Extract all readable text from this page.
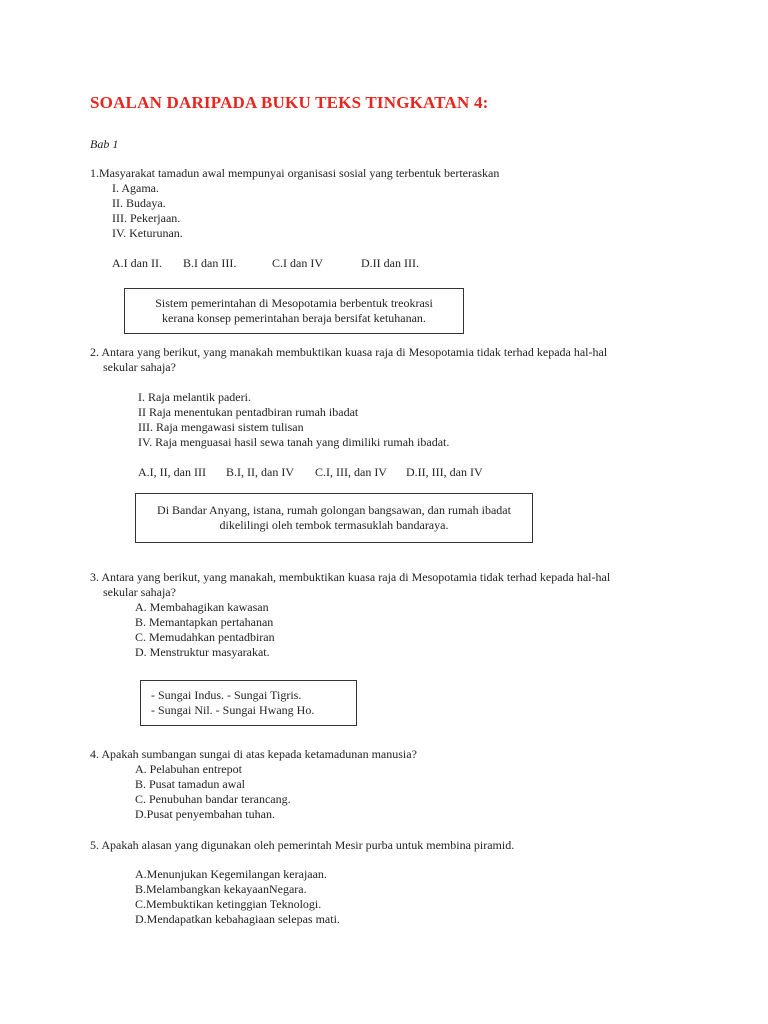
SOALAN DARIPADA BUKU TEKS TINGKATAN 4:
Bab 1
1.Masyarakat tamadun awal mempunyai organisasi sosial yang terbentuk berteraskan
I. Agama.
II. Budaya.
III. Pekerjaan.
IV. Keturunan.
A.I dan II. B.I dan III.	C.I dan IV	D.II dan III.
Sistem pemerintahan di Mesopotamia berbentuk treokrasi
kerana konsep pemerintahan beraja bersifat ketuhanan.
2. Antara yang berikut, yang manakah membuktikan kuasa raja di Mesopotamia tidak terhad kepada hal-hal
sekular sahaja?
I. Raja melantik paderi.
II Raja menentukan pentadbiran rumah ibadat
III. Raja mengawasi sistem tulisan
IV. Raja menguasai hasil sewa tanah yang dimiliki rumah ibadat.
A.I, II, dan III B.I, II, dan IV C.I, III, dan IV D.II, III, dan IV
Di Bandar Anyang, istana, rumah golongan bangsawan, dan rumah ibadat
dikelilingi oleh tembok termasuklah bandaraya.
3. Antara yang berikut, yang manakah, membuktikan kuasa raja di Mesopotamia tidak terhad kepada hal-hal
sekular sahaja?
A. Membahagikan kawasan
B. Memantapkan pertahanan
C. Memudahkan pentadbiran
D. Menstruktur masyarakat.
- Sungai Indus. - Sungai Tigris.
- Sungai Nil. - Sungai Hwang Ho.
4. Apakah sumbangan sungai di atas kepada ketamadunan manusia?
A. Pelabuhan entrepot
B. Pusat tamadun awal
C. Penubuhan bandar terancang.
D.Pusat penyembahan tuhan.
5. Apakah alasan yang digunakan oleh pemerintah Mesir purba untuk membina piramid.
A.Menunjukan Kegemilangan kerajaan.
B.Melambangkan kekayaanNegara.
C.Membuktikan ketinggian Teknologi.
D.Mendapatkan kebahagiaan selepas mati.
